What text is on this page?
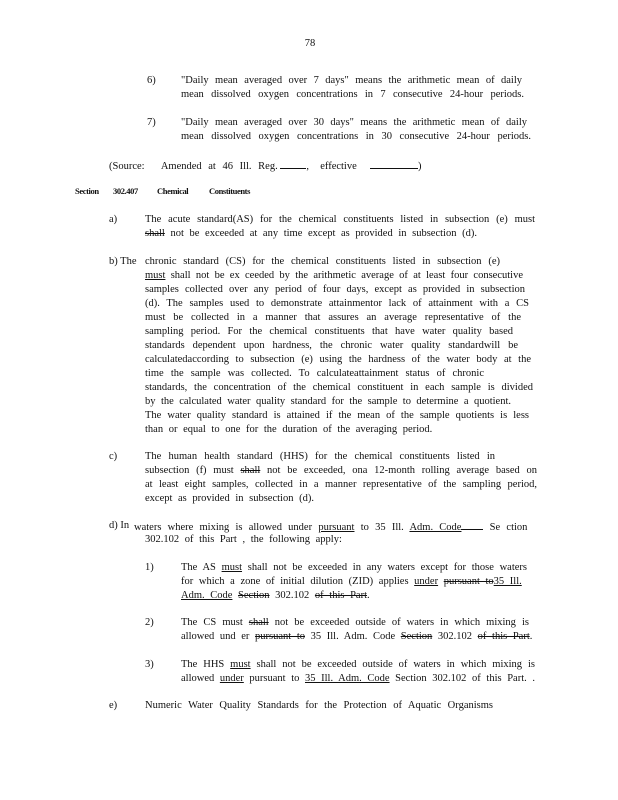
78
6) "Daily mean averaged over 7 days" means the arithmetic mean of daily
mean dissolved oxygen concentrations in 7 consecutive 24-hour periods.
7) "Daily mean averaged over 30 days" means the arithmetic mean of daily
mean dissolved oxygen concentrations in 30 consecutive 24-hour periods.
(Source: Amended at 46 Ill. Reg.	, effective	)
Section 302.407 Chemical Constituents
a)	The acute standard(AS) for the chemical constituents listed in subsection (e) must
shall not be exceeded at any time except as provided in subsection (d).
b) The chronic standard (CS) for the chemical constituents listed in subsection (e)
must shall not be ex ceeded by the arithmetic average of at least four consecutive
samples collected over any period of four days, except as provided in subsection
(d). The samples used to demonstrate attainmentor lack of attainment with a CS
must be collected in a manner that assures an average representative of the
sampling period. For the chemical constituents that have water quality based
standards dependent upon hardness, the chronic water quality standardwill be
calculatedaccording to subsection (e) using the hardness of the water body at the
time the sample was collected. To calculateattainment status of chronic
standards, the concentration of the chemical constituent in each sample is divided
by the calculated water quality standard for the sample to determine a quotient.
The water quality standard is attained if the mean of the sample quotients is less
than or equal to one for the duration of the averaging period.
c)	The human health standard (HHS) for the chemical constituents listed in
subsection (f) must shall not be exceeded, ona 12-month rolling average based on
at least eight samples, collected in a manner representative of the sampling period,
except as provided in subsection (d).
d) In waters where mixing is allowed under pursuant to 35 Ill. Adm. Code Se ction
302.102 of this Part , the following apply:
1)	The AS must shall not be exceeded in any waters except for those waters
for which a zone of initial dilution (ZID) applies under pursuant to35 Ill.
Adm. Code Section 302.102 of this Part.
2)	The CS must shall not be exceeded outside of waters in which mixing is
allowed und er pursuant to 35 Ill. Adm. Code Section 302.102 of this Part.
3)	The HHS must shall not be exceeded outside of waters in which mixing is
allowed under pursuant to 35 Ill. Adm. Code Section 302.102 of this Part. .
e)	Numeric Water Quality Standards for the Protection of Aquatic Organisms
